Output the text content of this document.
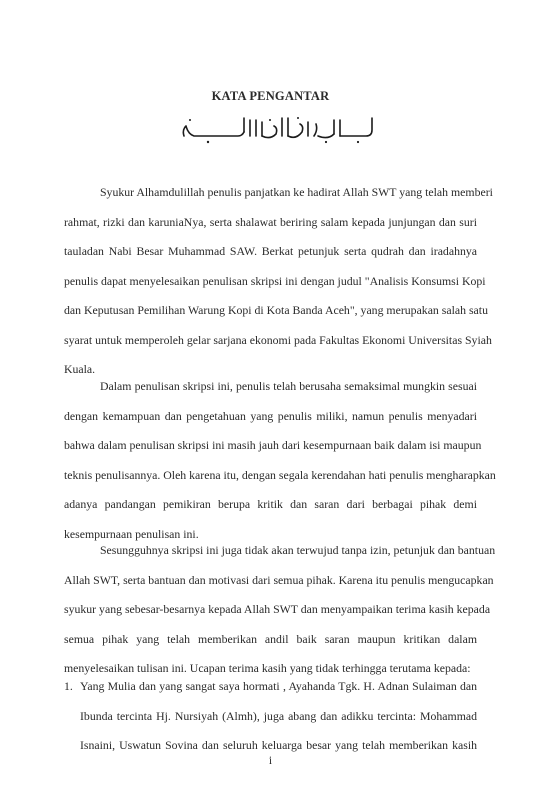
KATA PENGANTAR
Syukur Alhamdulillah penulis panjatkan ke hadirat Allah SWT yang telah memberi
rahmat, rizki dan karuniaNya, serta shalawat beriring salam kepada junjungan dan suri
tauladan Nabi Besar Muhammad SAW. Berkat petunjuk serta qudrah dan iradahnya
penulis dapat menyelesaikan penulisan skripsi ini dengan judul "Analisis Konsumsi Kopi
dan Keputusan Pemilihan Warung Kopi di Kota Banda Aceh", yang merupakan salah satu
syarat untuk memperoleh gelar sarjana ekonomi pada Fakultas Ekonomi Universitas Syiah
Kuala.
Dalam penulisan skripsi ini, penulis telah berusaha semaksimal mungkin sesuai
dengan kemampuan dan pengetahuan yang penulis miliki, namun penulis menyadari
bahwa dalam penulisan skripsi ini masih jauh dari kesempurnaan baik dalam isi maupun
teknis penulisannya. Oleh karena itu, dengan segala kerendahan hati penulis mengharapkan
adanya pandangan pemikiran berupa kritik dan saran dari berbagai pihak demi
kesempurnaan penulisan ini.
Sesungguhnya skripsi ini juga tidak akan terwujud tanpa izin, petunjuk dan bantuan
Allah SWT, serta bantuan dan motivasi dari semua pihak. Karena itu penulis mengucapkan
syukur yang sebesar-besarnya kepada Allah SWT dan menyampaikan terima kasih kepada
semua pihak yang telah memberikan andil baik saran maupun kritikan dalam
menyelesaikan tulisan ini. Ucapan terima kasih yang tidak terhingga terutama kepada:
1. Yang Mulia dan yang sangat saya hormati , Ayahanda Tgk. H. Adnan Sulaiman dan
Ibunda tercinta Hj. Nursiyah (Almh), juga abang dan adikku tercinta: Mohammad
Isnaini, Uswatun Sovina dan seluruh keluarga besar yang telah memberikan kasih
i
